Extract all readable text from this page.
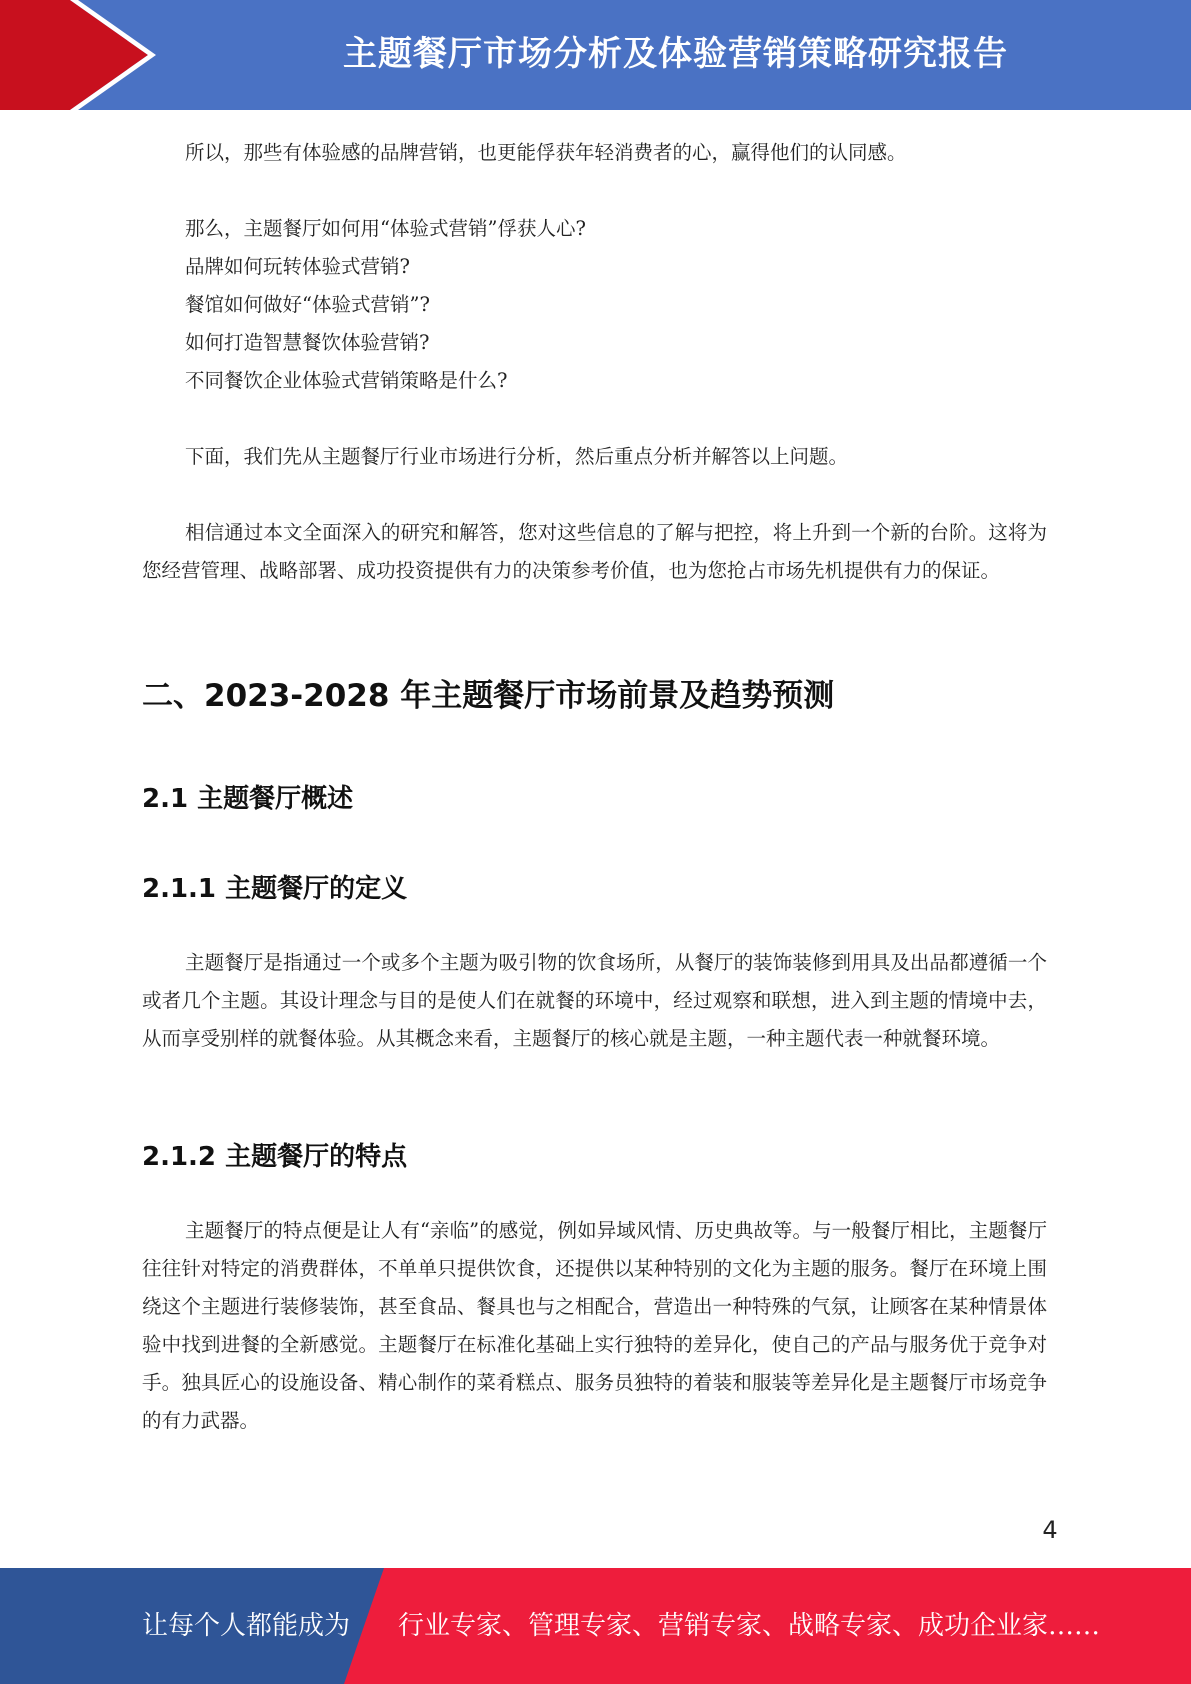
主题餐厅市场分析及体验营销策略研究报告

所以，那些有体验感的品牌营销，也更能俘获年轻消费者的心，赢得他们的认同感。

那么，主题餐厅如何用“体验式营销”俘获人心?

品牌如何玩转体验式营销?

餐馆如何做好“体验式营销”?

如何打造智慧餐饮体验营销?

不同餐饮企业体验式营销策略是什么?

下面，我们先从主题餐厅行业市场进行分析，然后重点分析并解答以上问题。

相信通过本文全面深入的研究和解答，您对这些信息的了解与把控，将上升到一个新的台阶。这将为您经营管理、战略部署、成功投资提供有力的决策参考价值，也为您抢占市场先机提供有力的保证。

二、2023-2028 年主题餐厅市场前景及趋势预测
2.1 主题餐厅概述
2.1.1 主题餐厅的定义

主题餐厅是指通过一个或多个主题为吸引物的饮食场所，从餐厅的装饰装修到用具及出品都遵循一个或者几个主题。其设计理念与目的是使人们在就餐的环境中，经过观察和联想，进入到主题的情境中去，从而享受别样的就餐体验。从其概念来看，主题餐厅的核心就是主题，一种主题代表一种就餐环境。

2.1.2 主题餐厅的特点

主题餐厅的特点便是让人有“亲临”的感觉，例如异域风情、历史典故等。与一般餐厅相比，主题餐厅往往针对特定的消费群体，不单单只提供饮食，还提供以某种特别的文化为主题的服务。餐厅在环境上围绕这个主题进行装修装饰，甚至食品、餐具也与之相配合，营造出一种特殊的气氛，让顾客在某种情景体验中找到进餐的全新感觉。主题餐厅在标准化基础上实行独特的差异化，使自己的产品与服务优于竞争对手。独具匠心的设施设备、精心制作的菜肴糕点、服务员独特的着装和服装等差异化是主题餐厅市场竞争的有力武器。

4
让每个人都能成为 行业专家、管理专家、营销专家、战略专家、成功企业家……
